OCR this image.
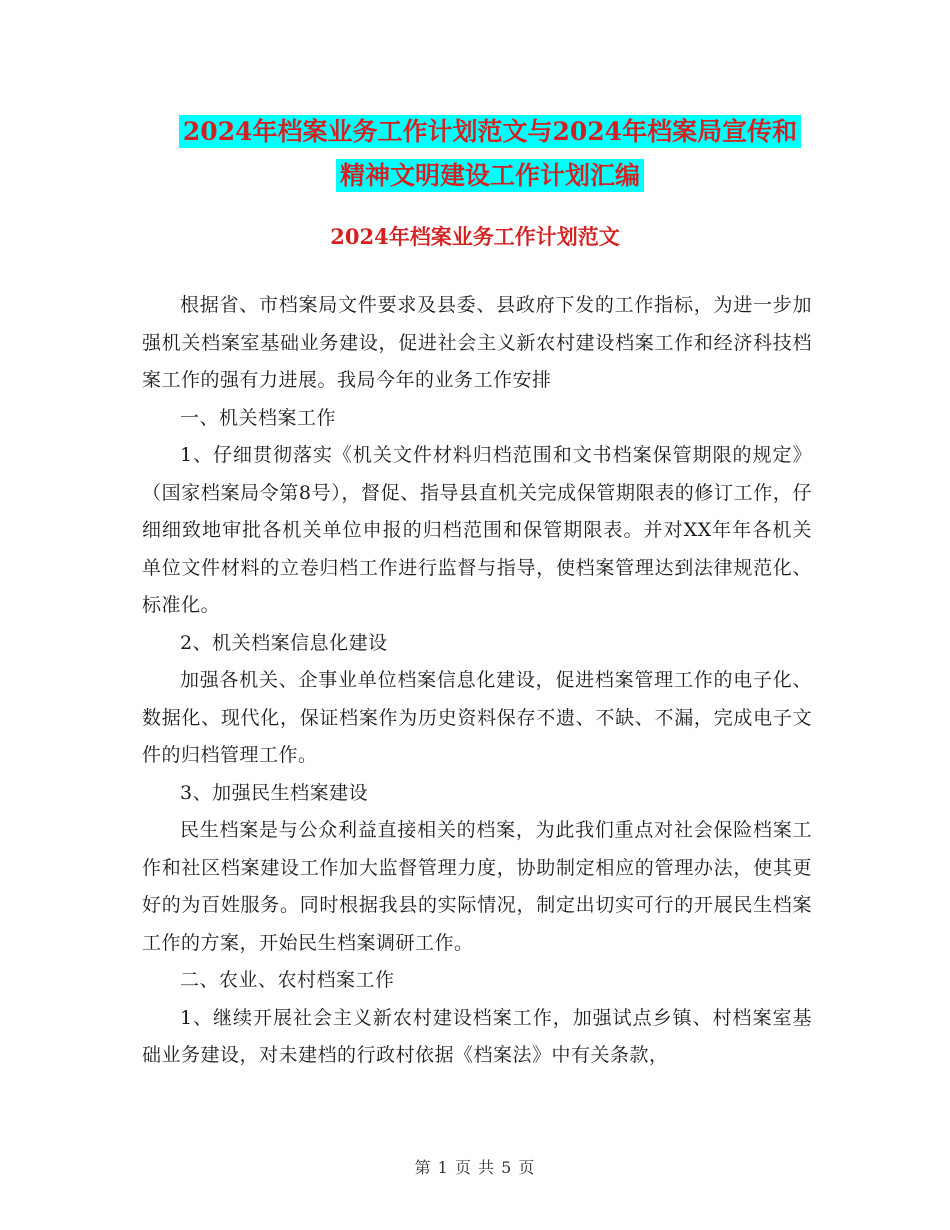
2024年档案业务工作计划范文与2024年档案局宣传和
精神文明建设工作计划汇编
2024年档案业务工作计划范文

根据省、市档案局文件要求及县委、县政府下发的工作指标，为进一步加强机关档案室基础业务建设，促进社会主义新农村建设档案工作和经济科技档案工作的强有力进展。我局今年的业务工作安排

一、机关档案工作

1、仔细贯彻落实《机关文件材料归档范围和文书档案保管期限的规定》（国家档案局令第8号），督促、指导县直机关完成保管期限表的修订工作，仔细细致地审批各机关单位申报的归档范围和保管期限表。并对XX年年各机关单位文件材料的立卷归档工作进行监督与指导，使档案管理达到法律规范化、标准化。

2、机关档案信息化建设

加强各机关、企事业单位档案信息化建设，促进档案管理工作的电子化、数据化、现代化，保证档案作为历史资料保存不遗、不缺、不漏，完成电子文件的归档管理工作。

3、加强民生档案建设

民生档案是与公众利益直接相关的档案，为此我们重点对社会保险档案工作和社区档案建设工作加大监督管理力度，协助制定相应的管理办法，使其更好的为百姓服务。同时根据我县的实际情况，制定出切实可行的开展民生档案工作的方案，开始民生档案调研工作。

二、农业、农村档案工作

1、继续开展社会主义新农村建设档案工作，加强试点乡镇、村档案室基础业务建设，对未建档的行政村依据《档案法》中有关条款，

第 1 页 共 5 页
